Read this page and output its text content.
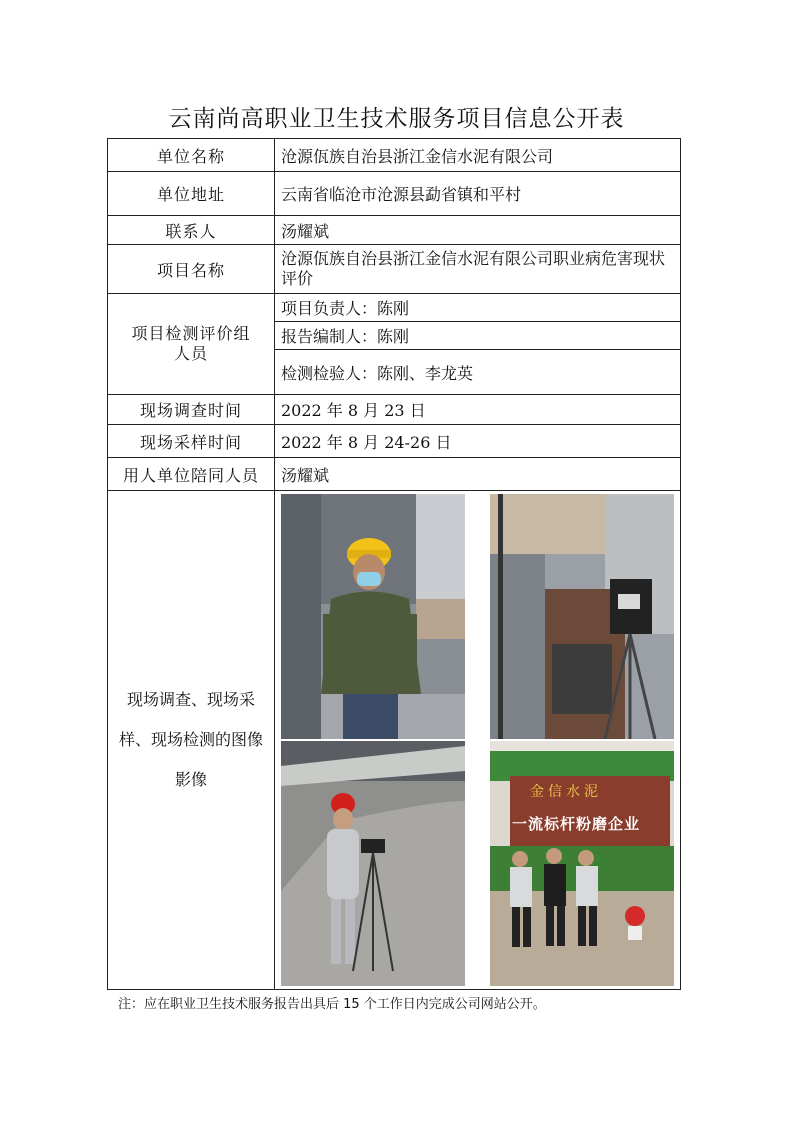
云南尚高职业卫生技术服务项目信息公开表
单位名称	沧源佤族自治县浙江金信水泥有限公司
单位地址	云南省临沧市沧源县勐省镇和平村
联系人	汤耀斌
项目名称	沧源佤族自治县浙江金信水泥有限公司职业病危害现状评价
项目检测评价组人员	项目负责人：陈刚
	报告编制人：陈刚
	检测检验人：陈刚、李龙英
现场调查时间	2022 年 8 月 23 日
现场采样时间	2022 年 8 月 24-26 日
用人单位陪同人员	汤耀斌
现场调查、现场采样、现场检测的图像影像	金信水泥
一流标杆粉磨企业
注：应在职业卫生技术服务报告出具后 15 个工作日内完成公司网站公开。
